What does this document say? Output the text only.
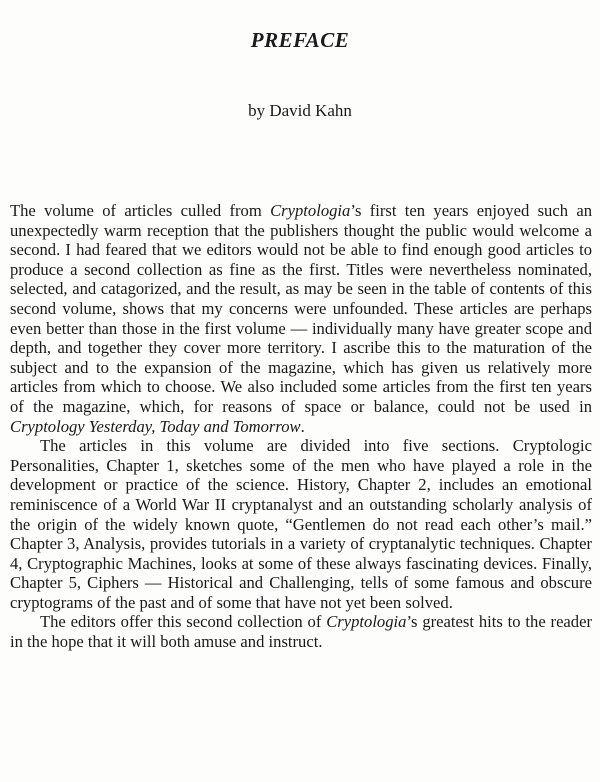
PREFACE
by David Kahn

The volume of articles culled from Cryptologia’s first ten years enjoyed such an unexpectedly warm reception that the publishers thought the public would welcome a second. I had feared that we editors would not be able to find enough good articles to produce a second collection as fine as the first. Titles were nevertheless nominated, selected, and catagorized, and the result, as may be seen in the table of contents of this second volume, shows that my concerns were unfounded. These articles are perhaps even better than those in the first volume — individually many have greater scope and depth, and together they cover more territory. I ascribe this to the maturation of the subject and to the expansion of the magazine, which has given us relatively more articles from which to choose. We also included some articles from the first ten years of the magazine, which, for reasons of space or balance, could not be used in Cryptology Yesterday, Today and Tomorrow.

The articles in this volume are divided into five sections. Cryptologic Personalities, Chapter 1, sketches some of the men who have played a role in the development or practice of the science. History, Chapter 2, includes an emotional reminiscence of a World War II cryptanalyst and an outstanding scholarly analysis of the origin of the widely known quote, “Gentlemen do not read each other’s mail.” Chapter 3, Analysis, provides tutorials in a variety of cryptanalytic techniques. Chapter 4, Cryptographic Machines, looks at some of these always fascinating devices. Finally, Chapter 5, Ciphers — Historical and Challenging, tells of some famous and obscure cryptograms of the past and of some that have not yet been solved.

The editors offer this second collection of Cryptologia’s greatest hits to the reader in the hope that it will both amuse and instruct.
